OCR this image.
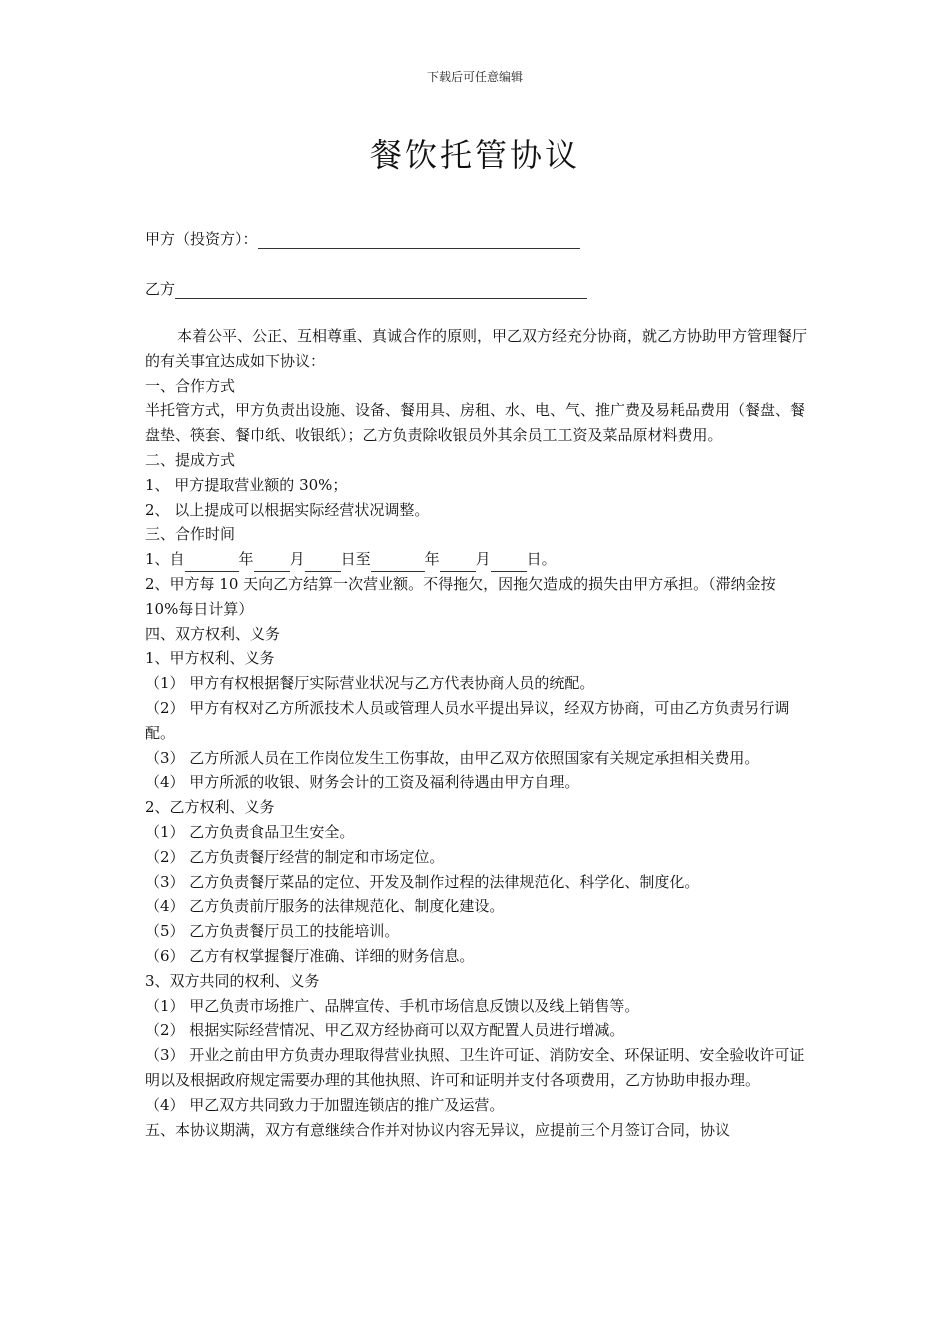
下载后可任意编辑
餐饮托管协议
甲方（投资方）：
乙方

本着公平、公正、互相尊重、真诚合作的原则，甲乙双方经充分协商，就乙方协助甲方管理餐厅的有关事宜达成如下协议：

一、合作方式

半托管方式，甲方负责出设施、设备、餐用具、房租、水、电、气、推广费及易耗品费用（餐盘、餐盘垫、筷套、餐巾纸、收银纸）；乙方负责除收银员外其余员工工资及菜品原材料费用。

二、提成方式

1、 甲方提取营业额的 30%；

2、 以上提成可以根据实际经营状况调整。

三、合作时间

1、自	年 月 日至	年 月 日。

2、甲方每 10 天向乙方结算一次营业额。不得拖欠，因拖欠造成的损失由甲方承担。（滞纳金按 10%每日计算）

四、双方权利、义务

1、甲方权利、义务

（1） 甲方有权根据餐厅实际营业状况与乙方代表协商人员的统配。

（2） 甲方有权对乙方所派技术人员或管理人员水平提出异议，经双方协商，可由乙方负责另行调配。

（3） 乙方所派人员在工作岗位发生工伤事故，由甲乙双方依照国家有关规定承担相关费用。

（4） 甲方所派的收银、财务会计的工资及福利待遇由甲方自理。

2、乙方权利、义务

（1） 乙方负责食品卫生安全。

（2） 乙方负责餐厅经营的制定和市场定位。

（3） 乙方负责餐厅菜品的定位、开发及制作过程的法律规范化、科学化、制度化。

（4） 乙方负责前厅服务的法律规范化、制度化建设。

（5） 乙方负责餐厅员工的技能培训。

（6） 乙方有权掌握餐厅准确、详细的财务信息。

3、双方共同的权利、义务

（1） 甲乙负责市场推广、品牌宣传、手机市场信息反馈以及线上销售等。

（2） 根据实际经营情况、甲乙双方经协商可以双方配置人员进行增减。

（3） 开业之前由甲方负责办理取得营业执照、卫生许可证、消防安全、环保证明、安全验收许可证明以及根据政府规定需要办理的其他执照、许可和证明并支付各项费用，乙方协助申报办理。

（4） 甲乙双方共同致力于加盟连锁店的推广及运营。

五、本协议期满，双方有意继续合作并对协议内容无异议，应提前三个月签订合同，协议
